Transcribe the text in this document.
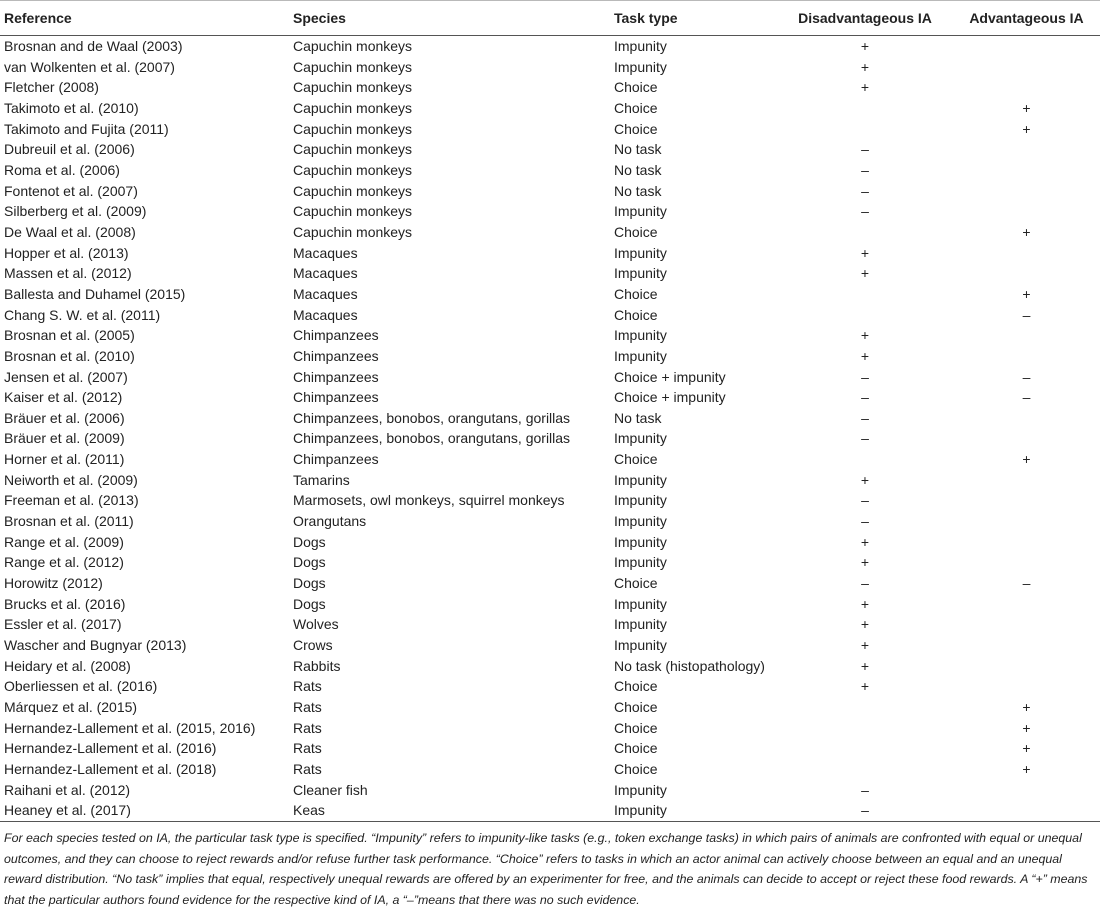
Reference	Species	Task type	Disadvantageous IA	Advantageous IA
Brosnan and de Waal (2003)	Capuchin monkeys	Impunity	+	
van Wolkenten et al. (2007)	Capuchin monkeys	Impunity	+	
Fletcher (2008)	Capuchin monkeys	Choice	+	
Takimoto et al. (2010)	Capuchin monkeys	Choice		+
Takimoto and Fujita (2011)	Capuchin monkeys	Choice		+
Dubreuil et al. (2006)	Capuchin monkeys	No task	–	
Roma et al. (2006)	Capuchin monkeys	No task	–	
Fontenot et al. (2007)	Capuchin monkeys	No task	–	
Silberberg et al. (2009)	Capuchin monkeys	Impunity	–	
De Waal et al. (2008)	Capuchin monkeys	Choice		+
Hopper et al. (2013)	Macaques	Impunity	+	
Massen et al. (2012)	Macaques	Impunity	+	
Ballesta and Duhamel (2015)	Macaques	Choice		+
Chang S. W. et al. (2011)	Macaques	Choice		–
Brosnan et al. (2005)	Chimpanzees	Impunity	+	
Brosnan et al. (2010)	Chimpanzees	Impunity	+	
Jensen et al. (2007)	Chimpanzees	Choice + impunity	–	–
Kaiser et al. (2012)	Chimpanzees	Choice + impunity	–	–
Bräuer et al. (2006)	Chimpanzees, bonobos, orangutans, gorillas	No task	–	
Bräuer et al. (2009)	Chimpanzees, bonobos, orangutans, gorillas	Impunity	–	
Horner et al. (2011)	Chimpanzees	Choice		+
Neiworth et al. (2009)	Tamarins	Impunity	+	
Freeman et al. (2013)	Marmosets, owl monkeys, squirrel monkeys	Impunity	–	
Brosnan et al. (2011)	Orangutans	Impunity	–	
Range et al. (2009)	Dogs	Impunity	+	
Range et al. (2012)	Dogs	Impunity	+	
Horowitz (2012)	Dogs	Choice	–	–
Brucks et al. (2016)	Dogs	Impunity	+	
Essler et al. (2017)	Wolves	Impunity	+	
Wascher and Bugnyar (2013)	Crows	Impunity	+	
Heidary et al. (2008)	Rabbits	No task (histopathology)	+	
Oberliessen et al. (2016)	Rats	Choice	+	
Márquez et al. (2015)	Rats	Choice		+
Hernandez-Lallement et al. (2015, 2016)	Rats	Choice		+
Hernandez-Lallement et al. (2016)	Rats	Choice		+
Hernandez-Lallement et al. (2018)	Rats	Choice		+
Raihani et al. (2012)	Cleaner fish	Impunity	–	
Heaney et al. (2017)	Keas	Impunity	–	

For each species tested on IA, the particular task type is specified. “Impunity” refers to impunity-like tasks (e.g., token exchange tasks) in which pairs of animals are confronted with equal or unequal outcomes, and they can choose to reject rewards and/or refuse further task performance. “Choice” refers to tasks in which an actor animal can actively choose between an equal and an unequal reward distribution. “No task” implies that equal, respectively unequal rewards are offered by an experimenter for free, and the animals can decide to accept or reject these food rewards. A “+” means that the particular authors found evidence for the respective kind of IA, a “–”means that there was no such evidence.
